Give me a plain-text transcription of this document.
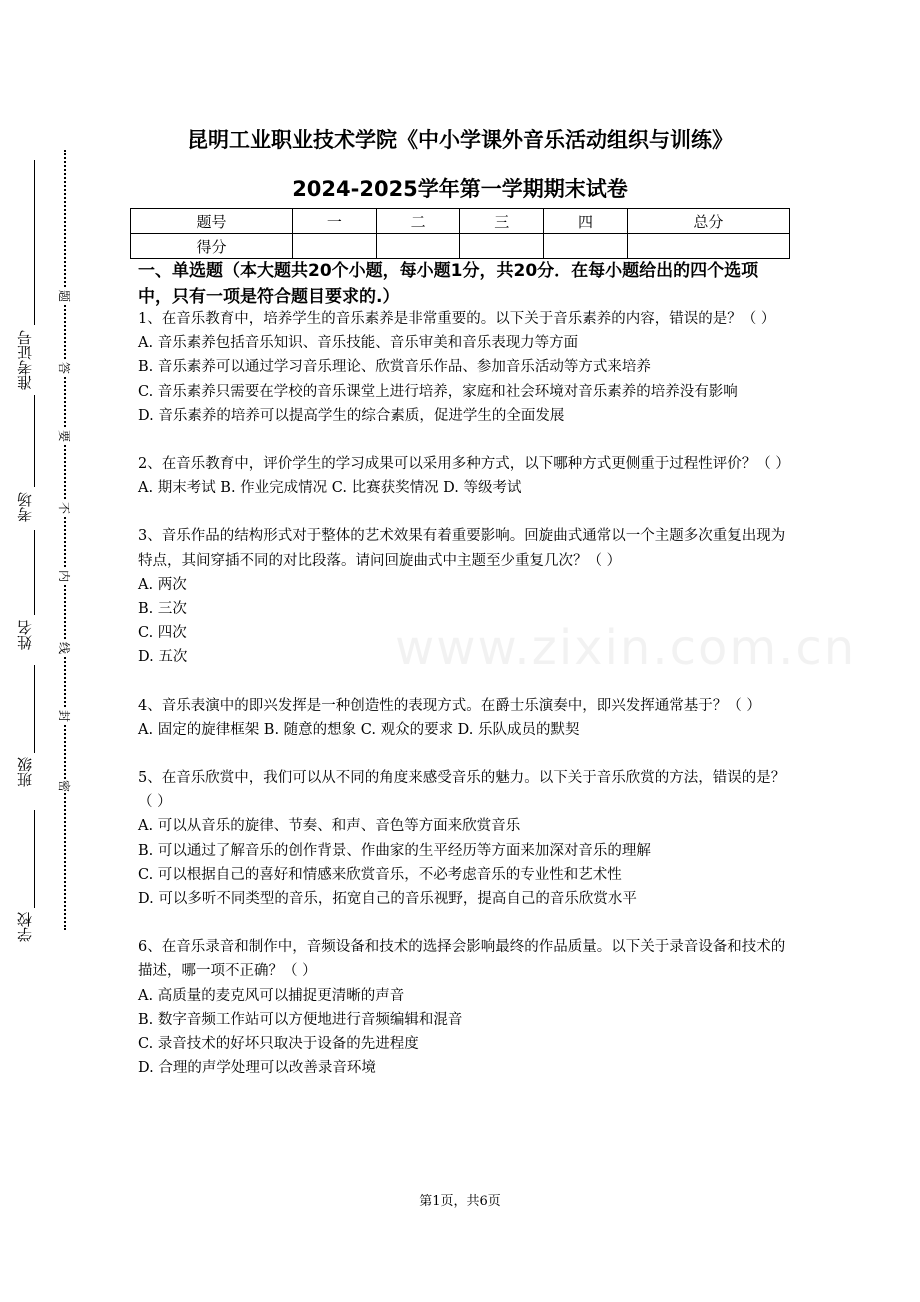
准考证号
考场
姓名
班级
学校
题
答
要
不
内
线
封
密
www.zixin.com.cn
昆明工业职业技术学院《中小学课外音乐活动组织与训练》
2024-2025学年第一学期期末试卷
题号	一	二	三	四	总分
得分					
一、单选题（本大题共20个小题，每小题1分，共20分．在每小题给出的四个选项中，只有一项是符合题目要求的.）

1、在音乐教育中，培养学生的音乐素养是非常重要的。以下关于音乐素养的内容，错误的是？（ ）

A. 音乐素养包括音乐知识、音乐技能、音乐审美和音乐表现力等方面

B. 音乐素养可以通过学习音乐理论、欣赏音乐作品、参加音乐活动等方式来培养

C. 音乐素养只需要在学校的音乐课堂上进行培养，家庭和社会环境对音乐素养的培养没有影响

D. 音乐素养的培养可以提高学生的综合素质，促进学生的全面发展

2、在音乐教育中，评价学生的学习成果可以采用多种方式，以下哪种方式更侧重于过程性评价？（ ）

A. 期末考试 B. 作业完成情况 C. 比赛获奖情况 D. 等级考试

3、音乐作品的结构形式对于整体的艺术效果有着重要影响。回旋曲式通常以一个主题多次重复出现为特点，其间穿插不同的对比段落。请问回旋曲式中主题至少重复几次？（ ）

A. 两次

B. 三次

C. 四次

D. 五次

4、音乐表演中的即兴发挥是一种创造性的表现方式。在爵士乐演奏中，即兴发挥通常基于？（ ）

A. 固定的旋律框架 B. 随意的想象 C. 观众的要求 D. 乐队成员的默契

5、在音乐欣赏中，我们可以从不同的角度来感受音乐的魅力。以下关于音乐欣赏的方法，错误的是？（ ）

A. 可以从音乐的旋律、节奏、和声、音色等方面来欣赏音乐

B. 可以通过了解音乐的创作背景、作曲家的生平经历等方面来加深对音乐的理解

C. 可以根据自己的喜好和情感来欣赏音乐，不必考虑音乐的专业性和艺术性

D. 可以多听不同类型的音乐，拓宽自己的音乐视野，提高自己的音乐欣赏水平

6、在音乐录音和制作中，音频设备和技术的选择会影响最终的作品质量。以下关于录音设备和技术的描述，哪一项不正确？（ ）

A. 高质量的麦克风可以捕捉更清晰的声音

B. 数字音频工作站可以方便地进行音频编辑和混音

C. 录音技术的好坏只取决于设备的先进程度

D. 合理的声学处理可以改善录音环境

第1页，共6页
